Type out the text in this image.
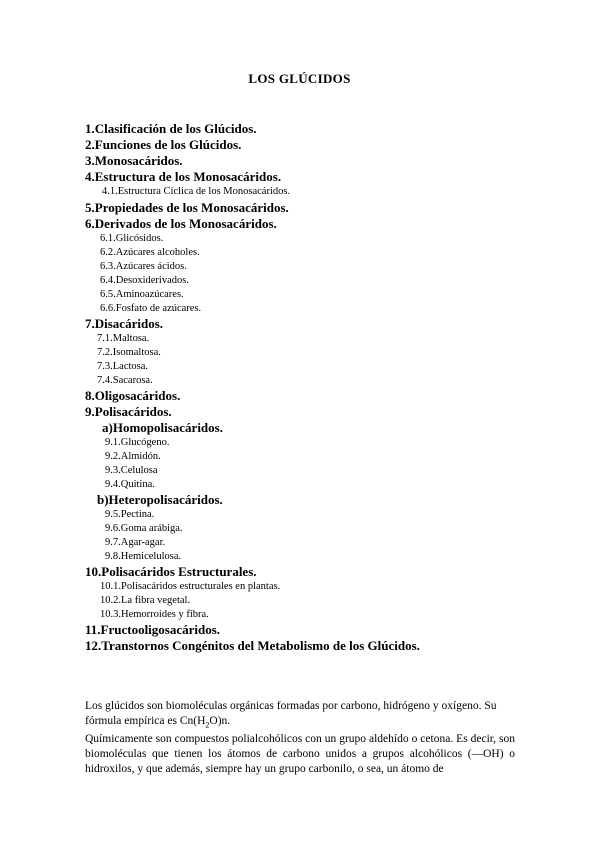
LOS GLÚCIDOS
1.Clasificación de los Glúcidos.
2.Funciones de los Glúcidos.
3.Monosacáridos.
4.Estructura de los Monosacáridos.
4.1.Estructura Cíclica de los Monosacáridos.
5.Propiedades de los Monosacáridos.
6.Derivados de los Monosacáridos.
6.1.Glicósidos.
6.2.Azúcares alcoholes.
6.3.Azúcares ácidos.
6.4.Desoxiderivados.
6.5.Aminoazúcares.
6.6.Fosfato de azúcares.
7.Disacáridos.
7.1.Maltosa.
7.2.Isomaltosa.
7.3.Lactosa.
7.4.Sacarosa.
8.Oligosacáridos.
9.Polisacáridos.
a)Homopolisacáridos.
9.1.Glucógeno.
9.2.Almidón.
9.3.Celulosa
9.4.Quitina.
b)Heteropolisacáridos.
9.5.Pectina.
9.6.Goma arábiga.
9.7.Agar-agar.
9.8.Hemicelulosa.
10.Polisacáridos Estructurales.
10.1.Polisacáridos estructurales en plantas.
10.2.La fibra vegetal.
10.3.Hemorroides y fibra.
11.Fructooligosacáridos.
12.Transtornos Congénitos del Metabolismo de los Glúcidos.

Los glúcidos son biomoléculas orgánicas formadas por carbono, hidrógeno y oxígeno. Su fórmula empírica es $Cn(H_2O)n$.

Químicamente son compuestos polialcohólicos con un grupo aldehído o cetona. Es decir, son biomoléculas que tienen los átomos de carbono unidos a grupos alcohólicos (—OH) o hidroxilos, y que además, siempre hay un grupo carbonilo, o sea, un átomo de
